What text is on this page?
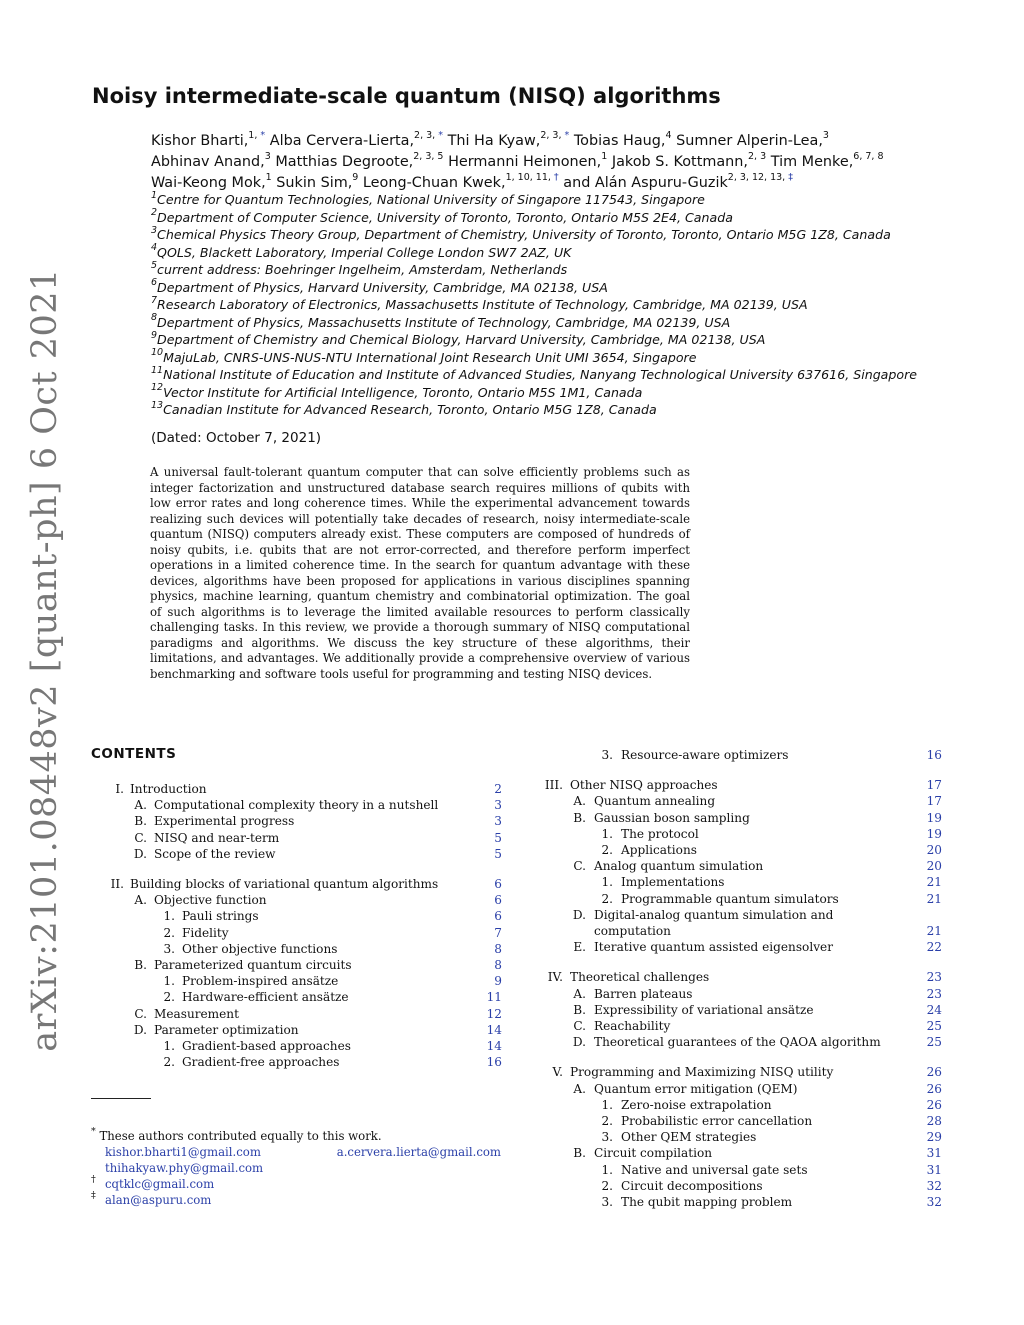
arXiv:2101.08448v2 [quant-ph] 6 Oct 2021
Noisy intermediate-scale quantum (NISQ) algorithms
Kishor Bharti,$^{1, *}$ Alba Cervera-Lierta,$^{2, 3, *}$ Thi Ha Kyaw,$^{2, 3, *}$ Tobias Haug,$^4$ Sumner Alperin-Lea,$^3$ Abhinav Anand,$^3$ Matthias Degroote,$^{2, 3, 5}$ Hermanni Heimonen,$^1$ Jakob S. Kottmann,$^{2, 3}$ Tim Menke,$^{6, 7, 8}$ Wai-Keong Mok,$^1$ Sukin Sim,$^9$ Leong-Chuan Kwek,$^{1, 10, 11, \dagger}$ and Alán Aspuru-Guzik$^{2, 3, 12, 13, \ddagger}$
$^1$Centre for Quantum Technologies, National University of Singapore 117543, Singapore
$^2$Department of Computer Science, University of Toronto, Toronto, Ontario M5S 2E4, Canada
$^3$Chemical Physics Theory Group, Department of Chemistry, University of Toronto, Toronto, Ontario M5G 1Z8, Canada
$^4$QOLS, Blackett Laboratory, Imperial College London SW7 2AZ, UK
$^5$current address: Boehringer Ingelheim, Amsterdam, Netherlands
$^6$Department of Physics, Harvard University, Cambridge, MA 02138, USA
$^7$Research Laboratory of Electronics, Massachusetts Institute of Technology, Cambridge, MA 02139, USA
$^8$Department of Physics, Massachusetts Institute of Technology, Cambridge, MA 02139, USA
$^9$Department of Chemistry and Chemical Biology, Harvard University, Cambridge, MA 02138, USA
$^{10}$MajuLab, CNRS-UNS-NUS-NTU International Joint Research Unit UMI 3654, Singapore
$^{11}$National Institute of Education and Institute of Advanced Studies, Nanyang Technological University 637616, Singapore
$^{12}$Vector Institute for Artificial Intelligence, Toronto, Ontario M5S 1M1, Canada
$^{13}$Canadian Institute for Advanced Research, Toronto, Ontario M5G 1Z8, Canada
(Dated: October 7, 2021)

A universal fault-tolerant quantum computer that can solve efficiently problems such as integer factorization and unstructured database search requires millions of qubits with low error rates and long coherence times. While the experimental advancement towards realizing such devices will potentially take decades of research, noisy intermediate-scale quantum (NISQ) computers already exist. These computers are composed of hundreds of noisy qubits, i.e. qubits that are not error-corrected, and therefore perform imperfect operations in a limited coherence time. In the search for quantum advantage with these devices, algorithms have been proposed for applications in various disciplines spanning physics, machine learning, quantum chemistry and combinatorial optimization. The goal of such algorithms is to leverage the limited available resources to perform classically challenging tasks. In this review, we provide a thorough summary of NISQ computational paradigms and algorithms. We discuss the key structure of these algorithms, their limitations, and advantages. We additionally provide a comprehensive overview of various benchmarking and software tools useful for programming and testing NISQ devices.

CONTENTS
I. Introduction	2
A. Computational complexity theory in a nutshell	3
B. Experimental progress	3
C. NISQ and near-term	5
D. Scope of the review	5
II. Building blocks of variational quantum algorithms	6
A. Objective function	6
1. Pauli strings	6
2. Fidelity	7
3. Other objective functions	8
B. Parameterized quantum circuits	8
1. Problem-inspired ansätze	9
2. Hardware-efficient ansätze	11
C. Measurement	12
D. Parameter optimization	14
1. Gradient-based approaches	14
2. Gradient-free approaches	16
3. Resource-aware optimizers	16
III. Other NISQ approaches	17
A. Quantum annealing	17
B. Gaussian boson sampling	19
1. The protocol	19
2. Applications	20
C. Analog quantum simulation	20
1. Implementations	21
2. Programmable quantum simulators	21
D. Digital-analog quantum simulation and
computation	21
E. Iterative quantum assisted eigensolver	22
IV. Theoretical challenges	23
A. Barren plateaus	23
B. Expressibility of variational ansätze	24
C. Reachability	25
D. Theoretical guarantees of the QAOA algorithm	25
V. Programming and Maximizing NISQ utility	26
A. Quantum error mitigation (QEM)	26
1. Zero-noise extrapolation	26
2. Probabilistic error cancellation	28
3. Other QEM strategies	29
B. Circuit compilation	31
1. Native and universal gate sets	31
2. Circuit decompositions	32
3. The qubit mapping problem	32
* These authors contributed equally to this work.
kishor.bharti1@gmail.com	a.cervera.lierta@gmail.com
thihakyaw.phy@gmail.com
† cqtklc@gmail.com
‡ alan@aspuru.com
